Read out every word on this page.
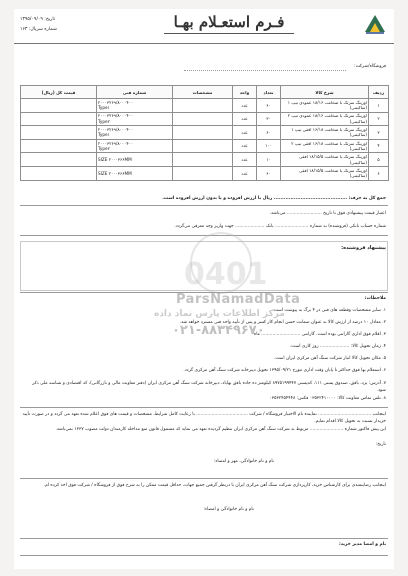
فـرم استعـلام بهـا
تاریخ: ۱۳۹۵/۰۹/۰۹
شماره سریال: ۱۶۳
فروشگاه/شرکت:
ردیف	شرح کالا	تعداد	واحد	مشخصات	شماره فنی	قیمت کل (ریال)
۱	اورینگ سرتک با ضخامت ۱۸/۱۶ عمودی تیپ ۱ (ساکیتنی)	۶۰	عدد		۲۰۰۰۳۲۶۹/۸۰۰۰۴۰۰
Type۱	
۲	اورینگ سرتک با ضخامت ۱۸/۱۶ عمودی تیپ ۲ (ساکیتنی)	۳۰	عدد		۲۰۰۰۳۲۶۹/۸۰۰۰۴۰۰
Type۲	
۳	اورینگ سرتک با ضخامت ۱۶/۱۸ افقی تیپ ۱ (ساکیتنی)	۶۰	عدد		۲۰۰۰۳۲۶۹/۸۰۰۰۴۰۰
Type۱	
۴	اورینگ سرتک با ضخامت ۱۶/۱۸ افقی تیپ ۲ (ساکیتنی)	۱۰۰	عدد		۲۰۰۰۳۲۶۹/۸۰۰۰۴۰۰
Type۲	
۵	اورینگ سرتک با ضخامت ۱۸/۱۵/۵ افقی (ساکیتنی)	۱۰	عدد		SIZE ۲۰۰۰۳۶۶MM

۶	اورینگ سرتک با ضخامت ۱۸/۱۵/۵ افقی (ساکیتنی)	۶۰	عدد		SIZE ۲۰۰۰۳۶۶MM

جمع کل به حرف: ............................................ ریال با ارزش افزوده و یا بدون ارزش افزوده است.
اعتبار قیمت پیشنهادی فوق تا تاریخ ......................... می‌باشد.
شماره حساب بانکی (فروشنده) به شماره ........................ بانک ..................... جهت واریز وجه معرفی می‌گردد.
پیشنهاد فروشنده:
0401
ParsNamadData
مرکز اطلاعات پارس نماد داده
۰۲۱-۸۸۳۴۹۶۷۰
ملاحظات:
۱. سایر مشخصات وقطعه های فنی در ۴ برگ به پیوست است.
۲. معادل ۱۰ درصد از ارزش کالا به عنوان ضمانت حسن انجام کار کسر و پس از تأیید واحد فنی مسترد خواهد شد.
۳. اقلام فوق اداری گارانتی بوده است. گارانتی ............................ ماه
۴. زمان تحویل کالا: ..................... روز کاری است.
۵. مکان تحویل کالا انبار شرکت سنگ آهن مرکزی ایران است.
۶. استعلام بها فوق حداکثر تا پایان وقت اداری مورخ ۱۳۹۵/۰۹/۲۱ تحویل دبیرخانه شرکت سنگ آهن مرکزی گردد.
۷. آدرس: یزد، بافق، صندوق پستی ۱۱۱، کدپستی ۸۹۷۵۱۹۹۴۴۷ کیلومتر ده جاده بافق بهاباد، دبیرخانه شرکت سنگ آهن مرکزی ایران (دفتر معاونت مالی و بازرگانی)، کد اقتصادی و شناسه ملی ذکر شود.
۸. تلفن تماس معاونت کالا: ۰۳۵۳۲۴۱۰۰۰۰ فکس: ۰۳۵۳۲۴۵۴۴۴۸
اینجانب ...................................... نماینده تام الاختیار فروشگاه / شرکت ..................................... با رعایت کامل شرایط، مشخصات و قیمت های فوق اعلام شده تعهد می گردد و در صورت تأیید خریدار نسبت به تحویل کالا اقدام نمایم.
این پیش فاکتور شماره ........................ مربوط به شرکت سنگ آهن مرکزی ایران تنظیم گردیده تعهد می نماید که مشمول قانون منع مداخله کارمندان دولت مصوب ۱۳۳۷ نمی‌باشد.
تاریخ:
نام و نام خانوادگی، مهر و امضاء:
اینجانب رضایتمندی برای کارشناس خرید، کارپردازی شرکت سنگ آهن مرکزی ایران با درنظر گرفتن جمیع جهات، حداقل قیمت ممکن را به شرح فوق از فروشگاه / شرکت فوق اخذ کرده ام.
نام و نام خانوادگی و امضاء:
نام و امضا مدیر خرید:
